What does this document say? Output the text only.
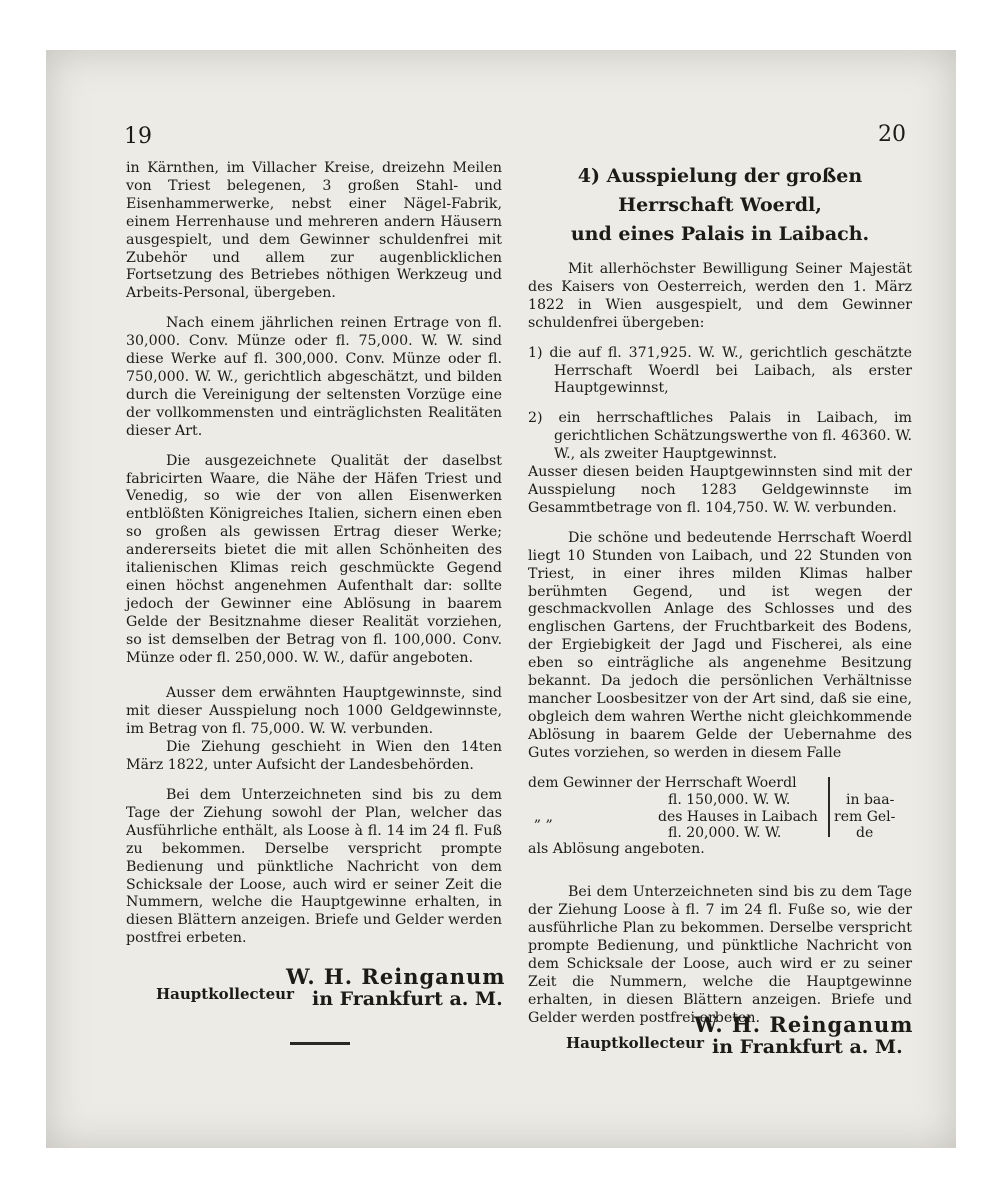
19

in Kärnthen, im Villacher Kreise, dreizehn Meilen von Triest belegenen, 3 großen Stahl- und Eisenhammerwerke, nebst einer Nägel-Fabrik, einem Herrenhause und mehreren andern Häusern ausgespielt, und dem Gewinner schuldenfrei mit Zubehör und allem zur augenblicklichen Fortsetzung des Betriebes nöthigen Werkzeug und Arbeits-Personal, übergeben.

Nach einem jährlichen reinen Ertrage von fl. 30,000. Conv. Münze oder fl. 75,000. W. W. sind diese Werke auf fl. 300,000. Conv. Münze oder fl. 750,000. W. W., gerichtlich abgeschätzt, und bilden durch die Vereinigung der seltensten Vorzüge eine der vollkommensten und einträglichsten Realitäten dieser Art.

Die ausgezeichnete Qualität der daselbst fabricirten Waare, die Nähe der Häfen Triest und Venedig, so wie der von allen Eisenwerken entblößten Königreiches Italien, sichern einen eben so großen als gewissen Ertrag dieser Werke; andererseits bietet die mit allen Schönheiten des italienischen Klimas reich geschmückte Gegend einen höchst angenehmen Aufenthalt dar: sollte jedoch der Gewinner eine Ablösung in baarem Gelde der Besitznahme dieser Realität vorziehen, so ist demselben der Betrag von fl. 100,000. Conv. Münze oder fl. 250,000. W. W., dafür angeboten.

Ausser dem erwähnten Hauptgewinnste, sind mit dieser Ausspielung noch 1000 Geldgewinnste, im Betrag von fl. 75,000. W. W. verbunden.

Die Ziehung geschieht in Wien den 14ten März 1822, unter Aufsicht der Landesbehörden.

Bei dem Unterzeichneten sind bis zu dem Tage der Ziehung sowohl der Plan, welcher das Ausführliche enthält, als Loose à fl. 14 im 24 fl. Fuß zu bekommen. Derselbe verspricht prompte Bedienung und pünktliche Nachricht von dem Schicksale der Loose, auch wird er seiner Zeit die Nummern, welche die Hauptgewinne erhalten, in diesen Blättern anzeigen. Briefe und Gelder werden postfrei erbeten.

W. H. Reinganum
Hauptkollecteur in Frankfurt a. M.
20

4) Ausspielung der großen Herrschaft Woerdl,

und eines Palais in Laibach.

Mit allerhöchster Bewilligung Seiner Majestät des Kaisers von Oesterreich, werden den 1. März 1822 in Wien ausgespielt, und dem Gewinner schuldenfrei übergeben:

1) die auf fl. 371,925. W. W., gerichtlich geschätzte Herrschaft Woerdl bei Laibach, als erster Hauptgewinnst,

2) ein herrschaftliches Palais in Laibach, im gerichtlichen Schätzungswerthe von fl. 46360. W. W., als zweiter Hauptgewinnst.

Ausser diesen beiden Hauptgewinnsten sind mit der Ausspielung noch 1283 Geldgewinnste im Gesammtbetrage von fl. 104,750. W. W. verbunden.

Die schöne und bedeutende Herrschaft Woerdl liegt 10 Stunden von Laibach, und 22 Stunden von Triest, in einer ihres milden Klimas halber berühmten Gegend, und ist wegen der geschmackvollen Anlage des Schlosses und des englischen Gartens, der Fruchtbarkeit des Bodens, der Ergiebigkeit der Jagd und Fischerei, als eine eben so einträgliche als angenehme Besitzung bekannt. Da jedoch die persönlichen Verhältnisse mancher Loosbesitzer von der Art sind, daß sie eine, obgleich dem wahren Werthe nicht gleichkommende Ablösung in baarem Gelde der Uebernahme des Gutes vorziehen, so werden in diesem Falle

dem Gewinner der Herrschaft Woerdl
fl. 150,000. W. W.
„ „	des Hauses in Laibach
fl. 20,000. W. W.
in baa-
rem Gel-
de

als Ablösung angeboten.

Bei dem Unterzeichneten sind bis zu dem Tage der Ziehung Loose à fl. 7 im 24 fl. Fuße so, wie der ausführliche Plan zu bekommen. Derselbe verspricht prompte Bedienung, und pünktliche Nachricht von dem Schicksale der Loose, auch wird er zu seiner Zeit die Nummern, welche die Hauptgewinne erhalten, in diesen Blättern anzeigen. Briefe und Gelder werden postfrei erbeten.

W. H. Reinganum
Hauptkollecteur in Frankfurt a. M.
